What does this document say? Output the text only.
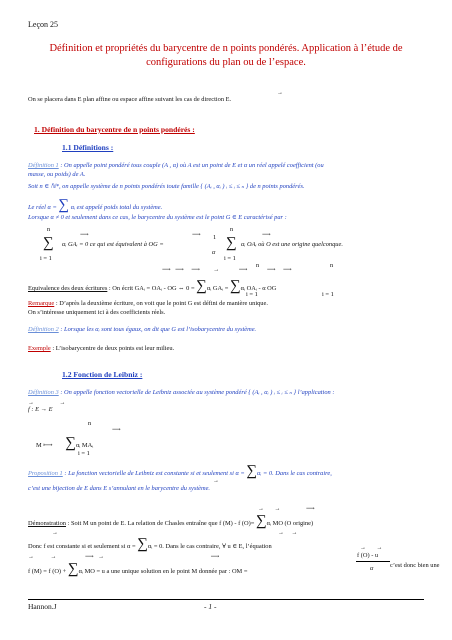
Leçon 25
Définition et propriétés du barycentre de n points pondérés. Application à l’étude de
configurations du plan ou de l’espace.
→
On se placera dans E plan affine ou espace affine suivant les cas de direction E.
1. Définition du barycentre de n points pondérés :
1.1 Définitions :
Définition 1 : On appelle point pondéré tous couple (A , α) où A est un point de E et α un réel appelé coefficient (ou
masse, ou poids) de A.
Soit n ∈ ℕ*, on appelle système de n points pondérés toute famille { (Aᵢ , αᵢ ) ᵢ ≤ ᵢ ≤ ₙ } de n points pondérés.
Le réel α = ∑ αᵢ est appelé poids total du système.
Lorsque α ≠ 0 et seulement dans ce cas, le barycentre du système est le point G ∈ E caractérisé par :
n
∑
i = 1
⟶	⟶
αᵢ GAᵢ = 0 ce qui est équivalent à OG =
1
α
n
∑
i = 1
⟶
αᵢ OAᵢ où O est une origine quelconque.
⟶   ⟶     ⟶         →             ⟶             ⟶     ⟶
n	n
Equivalence des deux écritures : On écrit GAᵢ = OAᵢ - OG ⇔ 0 = ∑αᵢ GAᵢ = ∑αᵢ OAᵢ - α OG
i = 1	i = 1
Remarque : D’après la deuxième écriture, on voit que le point G est défini de manière unique.
On s’intéresse uniquement ici à des coefficients réels.
Définition 2 : Lorsque les αᵢ sont tous égaux, on dit que G est l’isobarycentre du système.
Exemple : L’isobarycentre de deux points est leur milieu.
1.2 Fonction de Leibniz :
Définition 3 : On appelle fonction vectorielle de Leibniz associée au système pondéré { (Aᵢ , αᵢ ) ᵢ ≤ ᵢ ≤ ₙ } l’application :
→                 →
f : E → E
n
⟶
M ⟼ ∑αᵢ MAᵢ
i = 1
Proposition 1 : La fonction vectorielle de Leibniz est constante si et seulement si α = ∑αᵢ = 0. Dans le cas contraire,
→
c’est une bijection de E dans E s’annulant en le barycentre du système.
→       →                 ⟶
Démonstration : Soit M un point de E. La relation de Chasles entraîne que f (M) - f (O)= ∑αᵢ MO (O origine)
→	→     →
Donc f est constante si et seulement si α = ∑αᵢ = 0. Dans le cas contraire, ∀ u ∈ E, l’équation
→           →                   ⟶   →                                                                       ⟶
f (M) = f (O) + ∑αᵢ MO = u a une unique solution en le point M donnée par : OM =
→       →
f (O) - u
α	c’est donc bien une
Hannon.J	- 1 -
